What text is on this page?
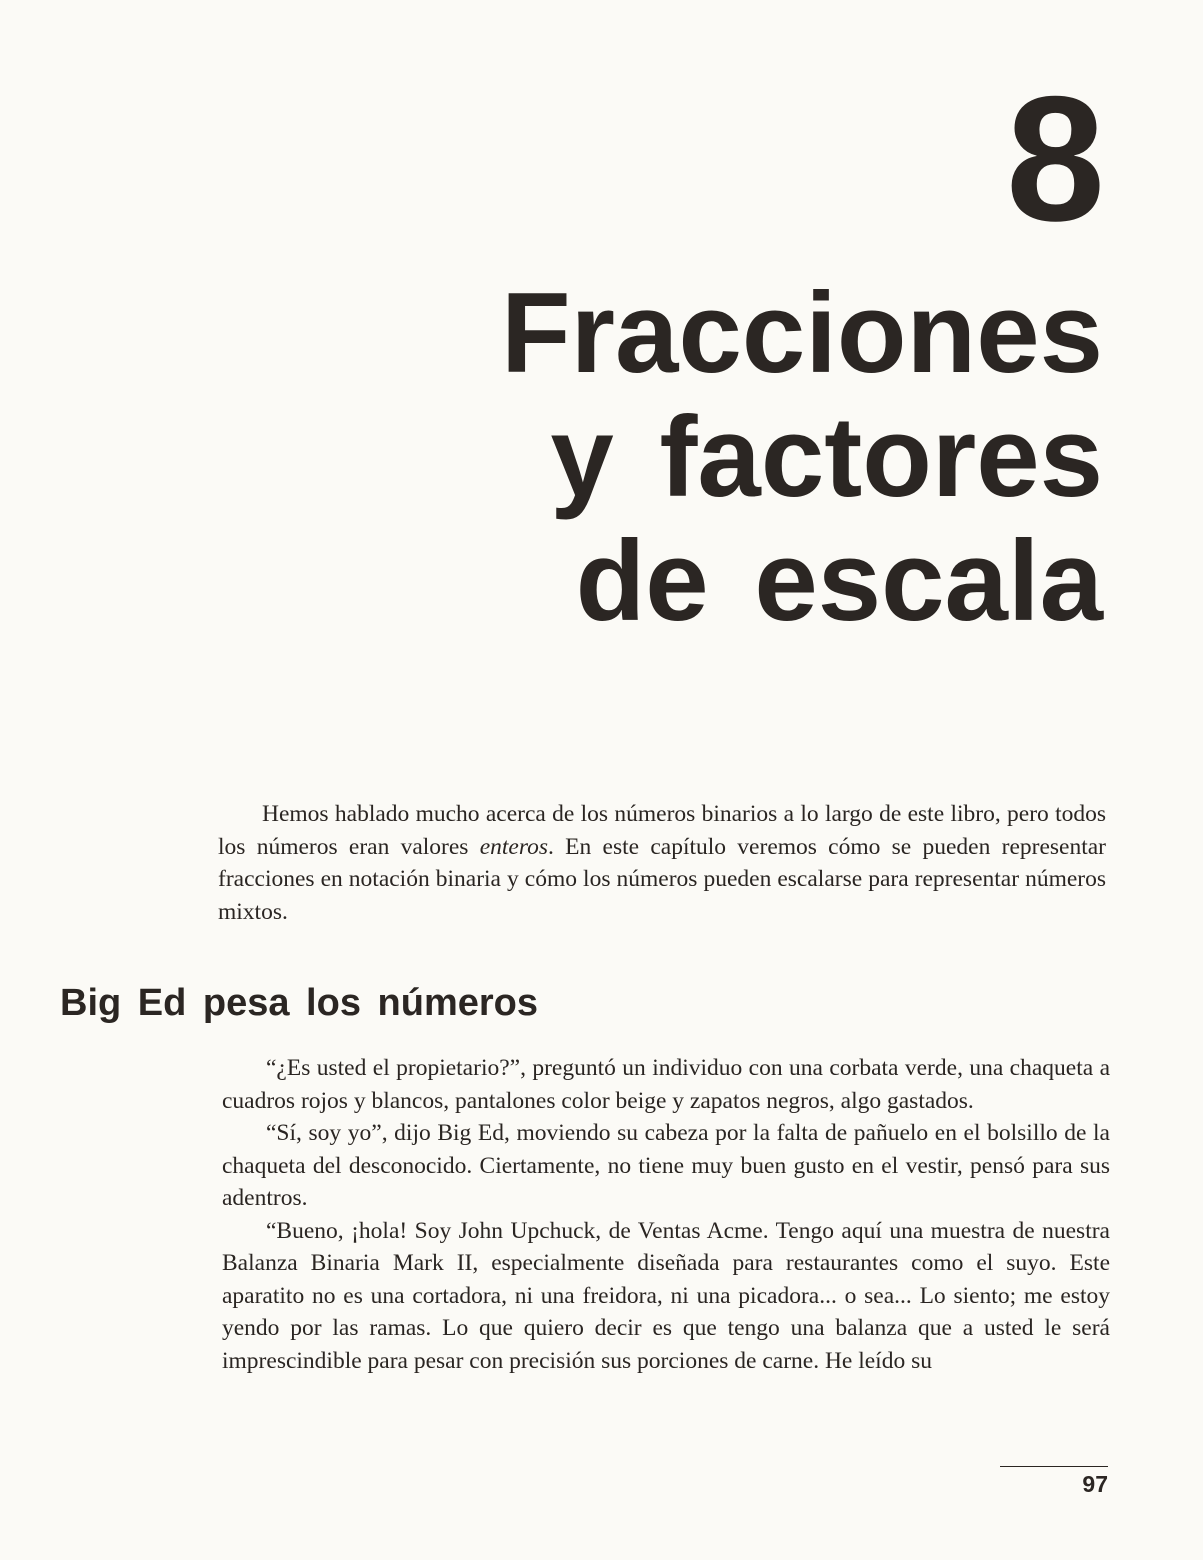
8
Fracciones
y factores
de escala

Hemos hablado mucho acerca de los números binarios a lo largo de este libro, pero todos los números eran valores enteros. En este capítulo veremos cómo se pueden representar fracciones en notación binaria y cómo los números pueden escalarse para representar números mixtos.

Big Ed pesa los números

“¿Es usted el propietario?”, preguntó un individuo con una corbata verde, una chaqueta a cuadros rojos y blancos, pantalones color beige y zapatos negros, algo gastados.

“Sí, soy yo”, dijo Big Ed, moviendo su cabeza por la falta de pañuelo en el bolsillo de la chaqueta del desconocido. Ciertamente, no tiene muy buen gusto en el vestir, pensó para sus adentros.

“Bueno, ¡hola! Soy John Upchuck, de Ventas Acme. Tengo aquí una muestra de nuestra Balanza Binaria Mark II, especialmente diseñada para restaurantes como el suyo. Este aparatito no es una cortadora, ni una freidora, ni una picadora... o sea... Lo siento; me estoy yendo por las ramas. Lo que quiero decir es que tengo una balanza que a usted le será imprescindible para pesar con precisión sus porciones de carne. He leído su

97
